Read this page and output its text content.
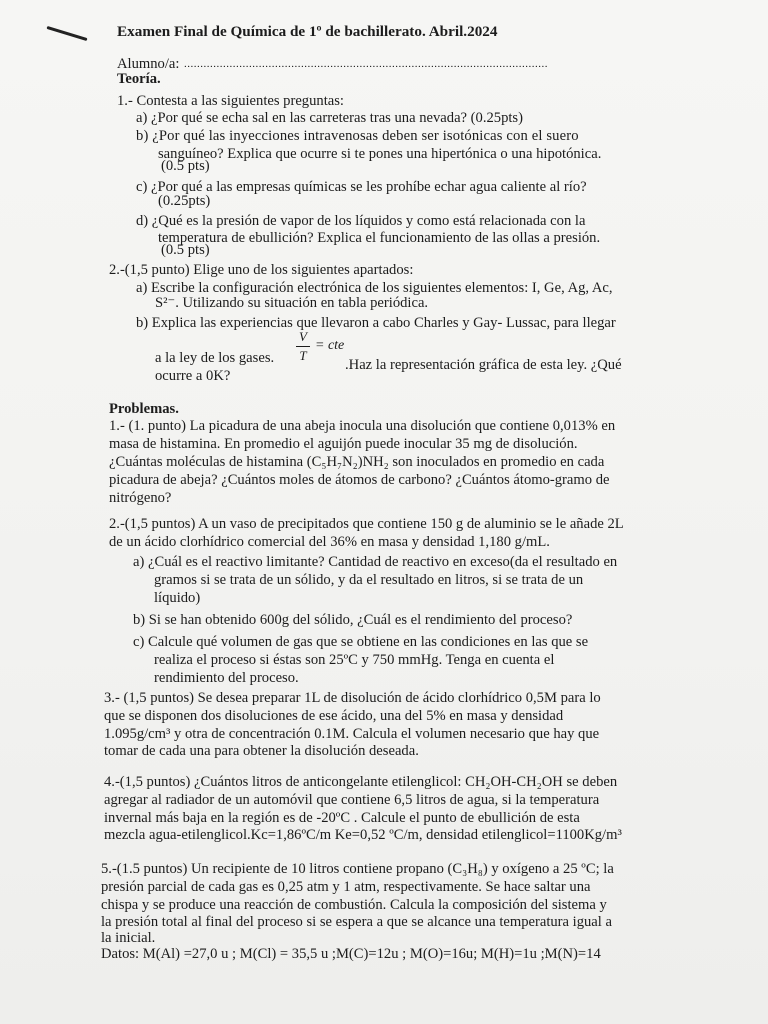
Examen Final de Química de 1º de bachillerato. Abril.2024
Alumno/a: ................................................................................................................
Teoría.
1.- Contesta a las siguientes preguntas:
a) ¿Por qué se echa sal en las carreteras tras una nevada? (0.25pts)
b) ¿Por qué las inyecciones intravenosas deben ser isotónicas con el suero
sanguíneo? Explica que ocurre si te pones una hipertónica o una hipotónica.
(0.5 pts)
c) ¿Por qué a las empresas químicas se les prohíbe echar agua caliente al río?
(0.25pts)
d) ¿Qué es la presión de vapor de los líquidos y como está relacionada con la
temperatura de ebullición? Explica el funcionamiento de las ollas a presión.
(0.5 pts)
2.-(1,5 punto) Elige uno de los siguientes apartados:
a) Escribe la configuración electrónica de los siguientes elementos: I, Ge, Ag, Ac,
S²⁻. Utilizando su situación en tabla periódica.
b) Explica las experiencias que llevaron a cabo Charles y Gay- Lussac, para llegar
a la ley de los gases.
V
T
= cte
.Haz la representación gráfica de esta ley. ¿Qué
ocurre a 0K?
Problemas.
1.- (1. punto) La picadura de una abeja inocula una disolución que contiene 0,013% en
masa de histamina. En promedio el aguijón puede inocular 35 mg de disolución.
¿Cuántas moléculas de histamina (C₅H₇N₂)NH₂ son inoculados en promedio en cada
picadura de abeja? ¿Cuántos moles de átomos de carbono? ¿Cuántos átomo-gramo de
nitrógeno?
2.-(1,5 puntos) A un vaso de precipitados que contiene 150 g de aluminio se le añade 2L
de un ácido clorhídrico comercial del 36% en masa y densidad 1,180 g/mL.
a) ¿Cuál es el reactivo limitante? Cantidad de reactivo en exceso(da el resultado en
gramos si se trata de un sólido, y da el resultado en litros, si se trata de un
líquido)
b) Si se han obtenido 600g del sólido, ¿Cuál es el rendimiento del proceso?
c) Calcule qué volumen de gas que se obtiene en las condiciones en las que se
realiza el proceso si éstas son 25ºC y 750 mmHg. Tenga en cuenta el
rendimiento del proceso.
3.- (1,5 puntos) Se desea preparar 1L de disolución de ácido clorhídrico 0,5M para lo
que se disponen dos disoluciones de ese ácido, una del 5% en masa y densidad
1.095g/cm³ y otra de concentración 0.1M. Calcula el volumen necesario que hay que
tomar de cada una para obtener la disolución deseada.
4.-(1,5 puntos) ¿Cuántos litros de anticongelante etilenglicol: CH₂OH-CH₂OH se deben
agregar al radiador de un automóvil que contiene 6,5 litros de agua, si la temperatura
invernal más baja en la región es de -20ºC . Calcule el punto de ebullición de esta
mezcla agua-etilenglicol.Kc=1,86ºC/m Ke=0,52 ºC/m, densidad etilenglicol=1100Kg/m³
5.-(1.5 puntos) Un recipiente de 10 litros contiene propano (C₃H₈) y oxígeno a 25 ºC; la
presión parcial de cada gas es 0,25 atm y 1 atm, respectivamente. Se hace saltar una
chispa y se produce una reacción de combustión. Calcula la composición del sistema y
la presión total al final del proceso si se espera a que se alcance una temperatura igual a
la inicial.
Datos: M(Al) =27,0 u ; M(Cl) = 35,5 u ;M(C)=12u ; M(O)=16u; M(H)=1u ;M(N)=14
